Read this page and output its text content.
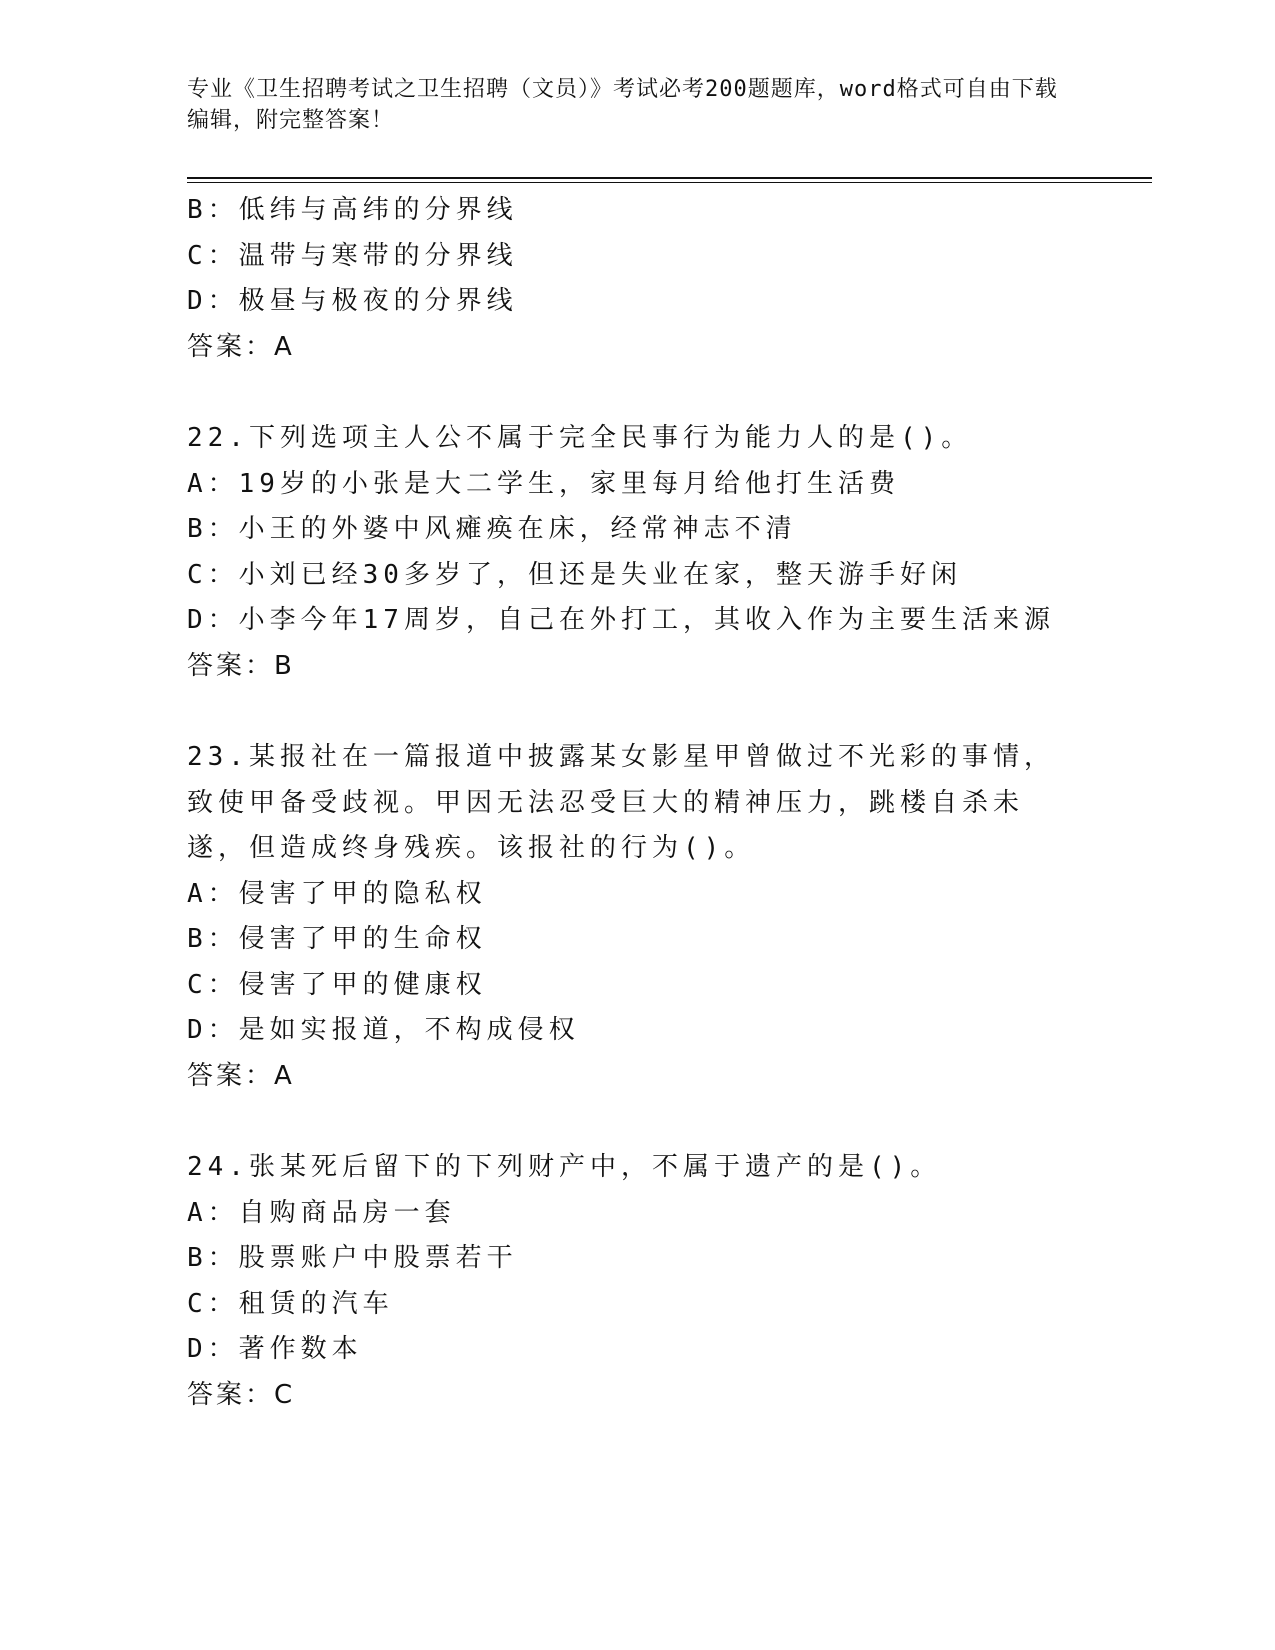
专业《卫生招聘考试之卫生招聘（文员）》考试必考200题题库，word格式可自由下载编辑，附完整答案！
B：低纬与高纬的分界线
C：温带与寒带的分界线
D：极昼与极夜的分界线
答案：A
22.下列选项主人公不属于完全民事行为能力人的是()。
A：19岁的小张是大二学生，家里每月给他打生活费
B：小王的外婆中风瘫痪在床，经常神志不清
C：小刘已经30多岁了，但还是失业在家，整天游手好闲
D：小李今年17周岁，自己在外打工，其收入作为主要生活来源
答案：B
23.某报社在一篇报道中披露某女影星甲曾做过不光彩的事情，致使甲备受歧视。甲因无法忍受巨大的精神压力，跳楼自杀未遂，但造成终身残疾。该报社的行为()。
A：侵害了甲的隐私权
B：侵害了甲的生命权
C：侵害了甲的健康权
D：是如实报道，不构成侵权
答案：A
24.张某死后留下的下列财产中，不属于遗产的是()。
A：自购商品房一套
B：股票账户中股票若干
C：租赁的汽车
D：著作数本
答案：C
